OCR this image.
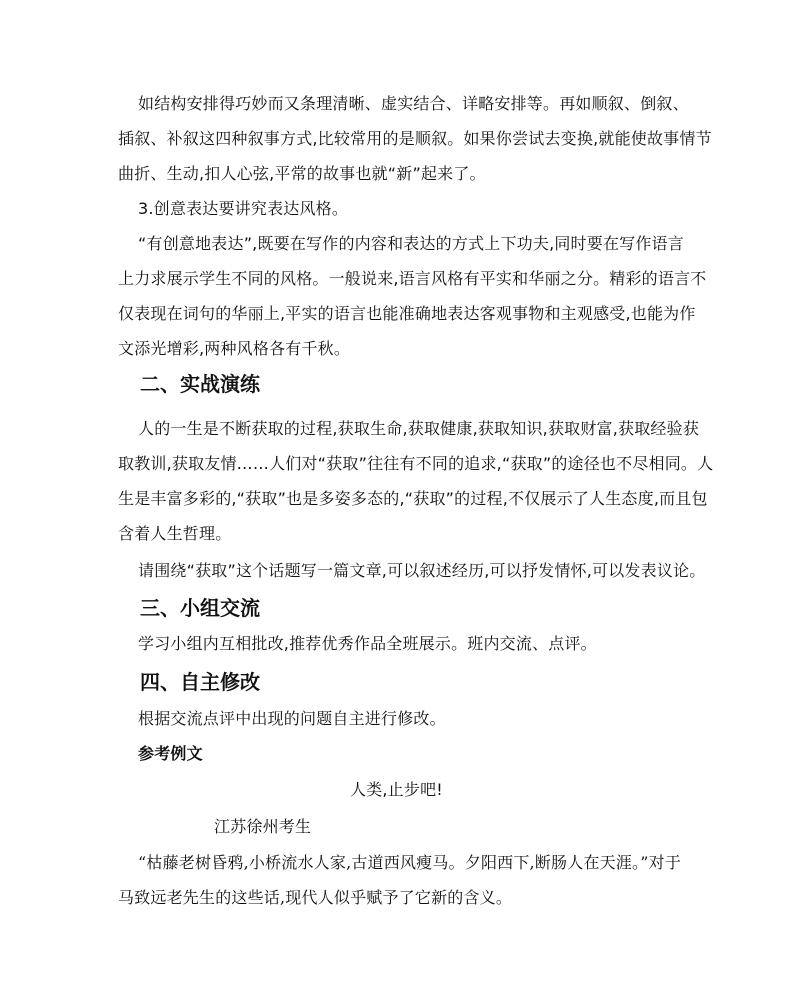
如结构安排得巧妙而又条理清晰、虚实结合、详略安排等。再如顺叙、倒叙、
插叙、补叙这四种叙事方式,比较常用的是顺叙。如果你尝试去变换,就能使故事情节
曲折、生动,扣人心弦,平常的故事也就“新”起来了。
3.创意表达要讲究表达风格。
“有创意地表达”,既要在写作的内容和表达的方式上下功夫,同时要在写作语言
上力求展示学生不同的风格。一般说来,语言风格有平实和华丽之分。精彩的语言不
仅表现在词句的华丽上,平实的语言也能准确地表达客观事物和主观感受,也能为作
文添光增彩,两种风格各有千秋。
二、实战演练
人的一生是不断获取的过程,获取生命,获取健康,获取知识,获取财富,获取经验获
取教训,获取友情……人们对“获取”往往有不同的追求,“获取”的途径也不尽相同。人
生是丰富多彩的,“获取”也是多姿多态的,“获取”的过程,不仅展示了人生态度,而且包
含着人生哲理。
请围绕“获取”这个话题写一篇文章,可以叙述经历,可以抒发情怀,可以发表议论。
三、小组交流
学习小组内互相批改,推荐优秀作品全班展示。班内交流、点评。
四、自主修改
根据交流点评中出现的问题自主进行修改。
参考例文
人类,止步吧!
江苏徐州考生
“枯藤老树昏鸦,小桥流水人家,古道西风瘦马。夕阳西下,断肠人在天涯。”对于
马致远老先生的这些话,现代人似乎赋予了它新的含义。
